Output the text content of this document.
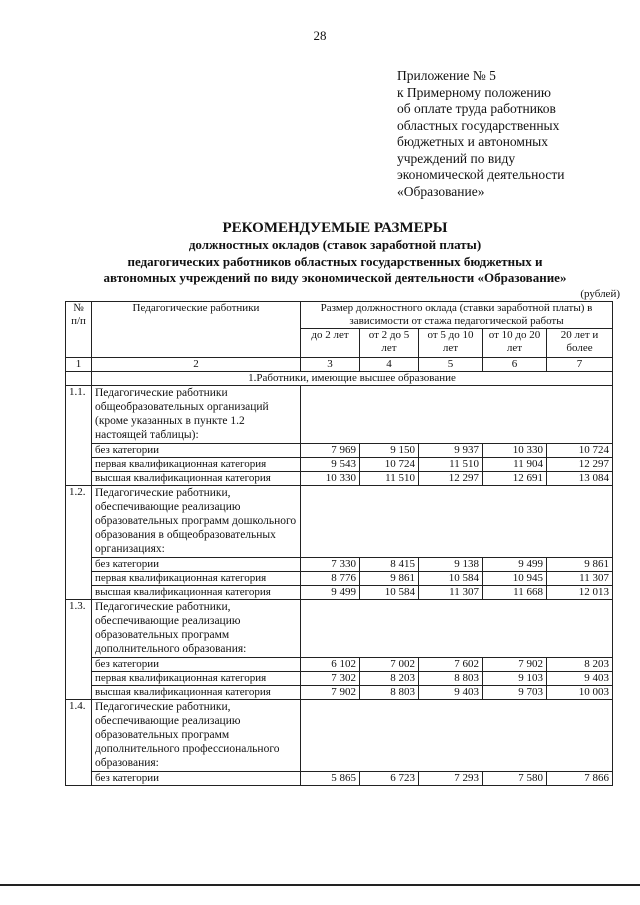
28
Приложение № 5
к Примерному положению
об оплате труда работников
областных государственных
бюджетных и автономных
учреждений по виду
экономической деятельности
«Образование»
РЕКОМЕНДУЕМЫЕ РАЗМЕРЫ
должностных окладов (ставок заработной платы)
педагогических работников областных государственных бюджетных и
автономных учреждений по виду экономической деятельности «Образование»
(рублей)
№ п/п	Педагогические работники	Размер должностного оклада (ставки заработной платы) в зависимости от стажа педагогической работы				
		до 2 лет	от 2 до 5 лет	от 5 до 10 лет	от 10 до 20 лет	20 лет и более
1	2	3	4	5	6	7
	1.Работники, имеющие высшее образование					
1.1.	Педагогические работники общеобразовательных организаций (кроме указанных в пункте 1.2 настоящей таблицы):					
	без категории	7 969	9 150	9 937	10 330	10 724
	первая квалификационная категория	9 543	10 724	11 510	11 904	12 297
	высшая квалификационная категория	10 330	11 510	12 297	12 691	13 084
1.2.	Педагогические работники, обеспечивающие реализацию образовательных программ дошкольного образования в общеобразовательных организациях:					
	без категории	7 330	8 415	9 138	9 499	9 861
	первая квалификационная категория	8 776	9 861	10 584	10 945	11 307
	высшая квалификационная категория	9 499	10 584	11 307	11 668	12 013
1.3.	Педагогические работники, обеспечивающие реализацию образовательных программ дополнительного образования:					
	без категории	6 102	7 002	7 602	7 902	8 203
	первая квалификационная категория	7 302	8 203	8 803	9 103	9 403
	высшая квалификационная категория	7 902	8 803	9 403	9 703	10 003
1.4.	Педагогические работники, обеспечивающие реализацию образовательных программ дополнительного профессионального образования:					
	без категории	5 865	6 723	7 293	7 580	7 866
